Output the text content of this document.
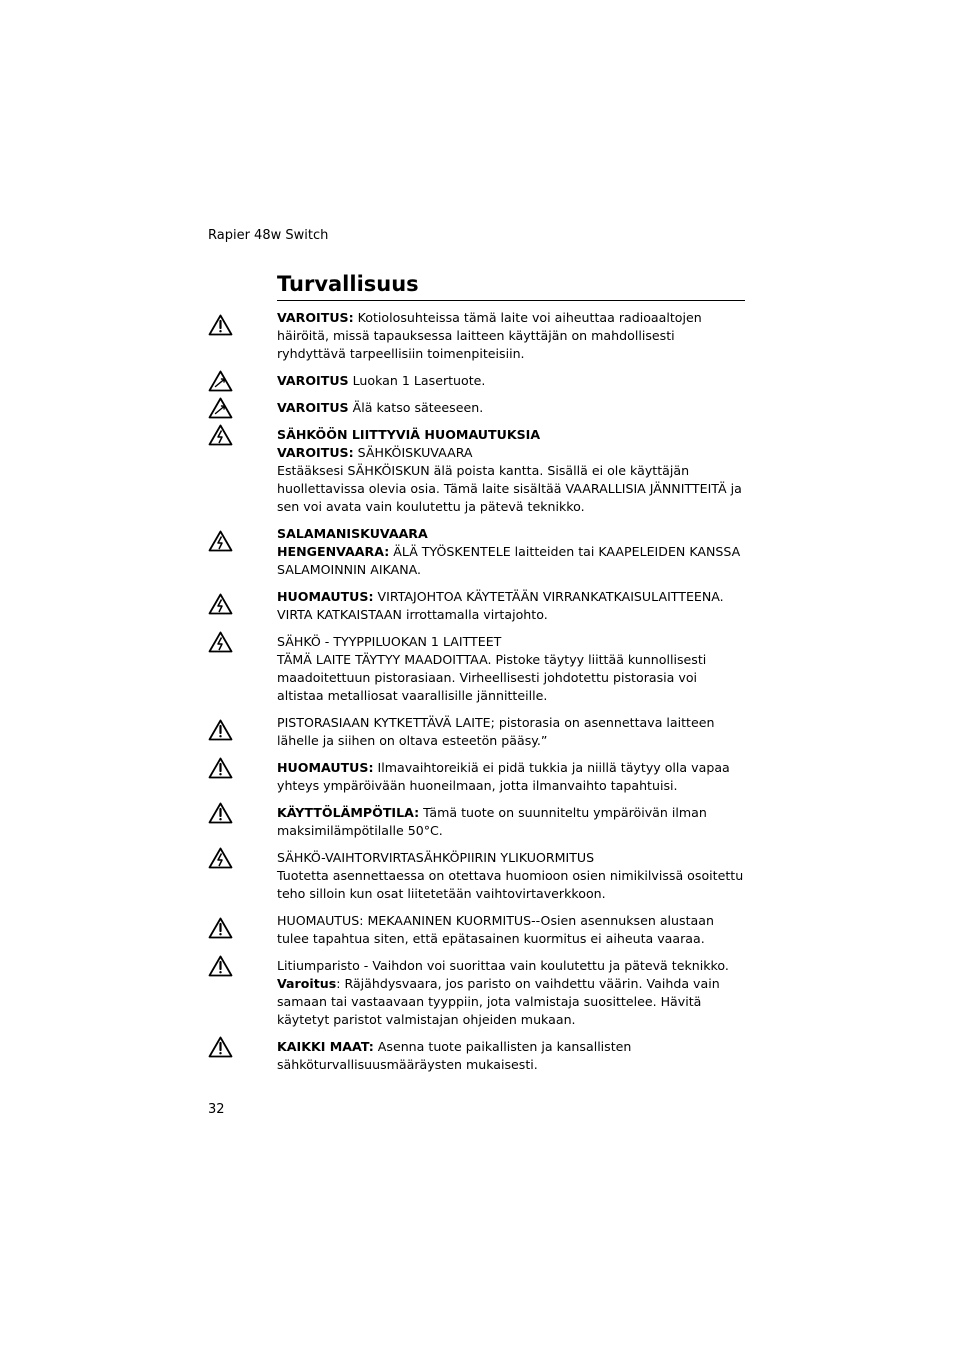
Rapier 48w Switch
Turvallisuus

VAROITUS: Kotiolosuhteissa tämä laite voi aiheuttaa radioaaltojen häiröitä, missä tapauksessa laitteen käyttäjän on mahdollisesti ryhdyttävä tarpeellisiin toimenpiteisiin.

VAROITUS Luokan 1 Lasertuote.

VAROITUS Älä katso säteeseen.

SÄHKÖÖN LIITTYVIÄ HUOMAUTUKSIA

VAROITUS: SÄHKÖISKUVAARA

Estääksesi SÄHKÖISKUN älä poista kantta. Sisällä ei ole käyttäjän huollettavissa olevia osia. Tämä laite sisältää VAARALLISIA JÄNNITTEITÄ ja sen voi avata vain koulutettu ja pätevä teknikko.

SALAMANISKUVAARA

HENGENVAARA: ÄLÄ TYÖSKENTELE laitteiden tai KAAPELEIDEN KANSSA SALAMOINNIN AIKANA.

HUOMAUTUS: VIRTAJOHTOA KÄYTETÄÄN VIRRANKATKAISULAITTEENA. VIRTA KATKAISTAAN irrottamalla virtajohto.

SÄHKÖ - TYYPPILUOKAN 1 LAITTEET

TÄMÄ LAITE TÄYTYY MAADOITTAA. Pistoke täytyy liittää kunnollisesti maadoitettuun pistorasiaan. Virheellisesti johdotettu pistorasia voi altistaa metalliosat vaarallisille jännitteille.

PISTORASIAAN KYTKETTÄVÄ LAITE; pistorasia on asennettava laitteen lähelle ja siihen on oltava esteetön pääsy.”

HUOMAUTUS: Ilmavaihtoreikiä ei pidä tukkia ja niillä täytyy olla vapaa yhteys ympäröivään huoneilmaan, jotta ilmanvaihto tapahtuisi.

KÄYTTÖLÄMPÖTILA: Tämä tuote on suunniteltu ympäröivän ilman maksimilämpötilalle 50°C.

SÄHKÖ-VAIHTORVIRTASÄHKÖPIIRIN YLIKUORMITUS

Tuotetta asennettaessa on otettava huomioon osien nimikilvissä osoitettu teho silloin kun osat liitetetään vaihtovirtaverkkoon.

HUOMAUTUS: MEKAANINEN KUORMITUS--Osien asennuksen alustaan tulee tapahtua siten, että epätasainen kuormitus ei aiheuta vaaraa.

Litiumparisto - Vaihdon voi suorittaa vain koulutettu ja pätevä teknikko.

Varoitus: Räjähdysvaara, jos paristo on vaihdettu väärin. Vaihda vain samaan tai vastaavaan tyyppiin, jota valmistaja suosittelee. Hävitä käytetyt paristot valmistajan ohjeiden mukaan.

KAIKKI MAAT: Asenna tuote paikallisten ja kansallisten sähköturvallisuusmääräysten mukaisesti.

32
